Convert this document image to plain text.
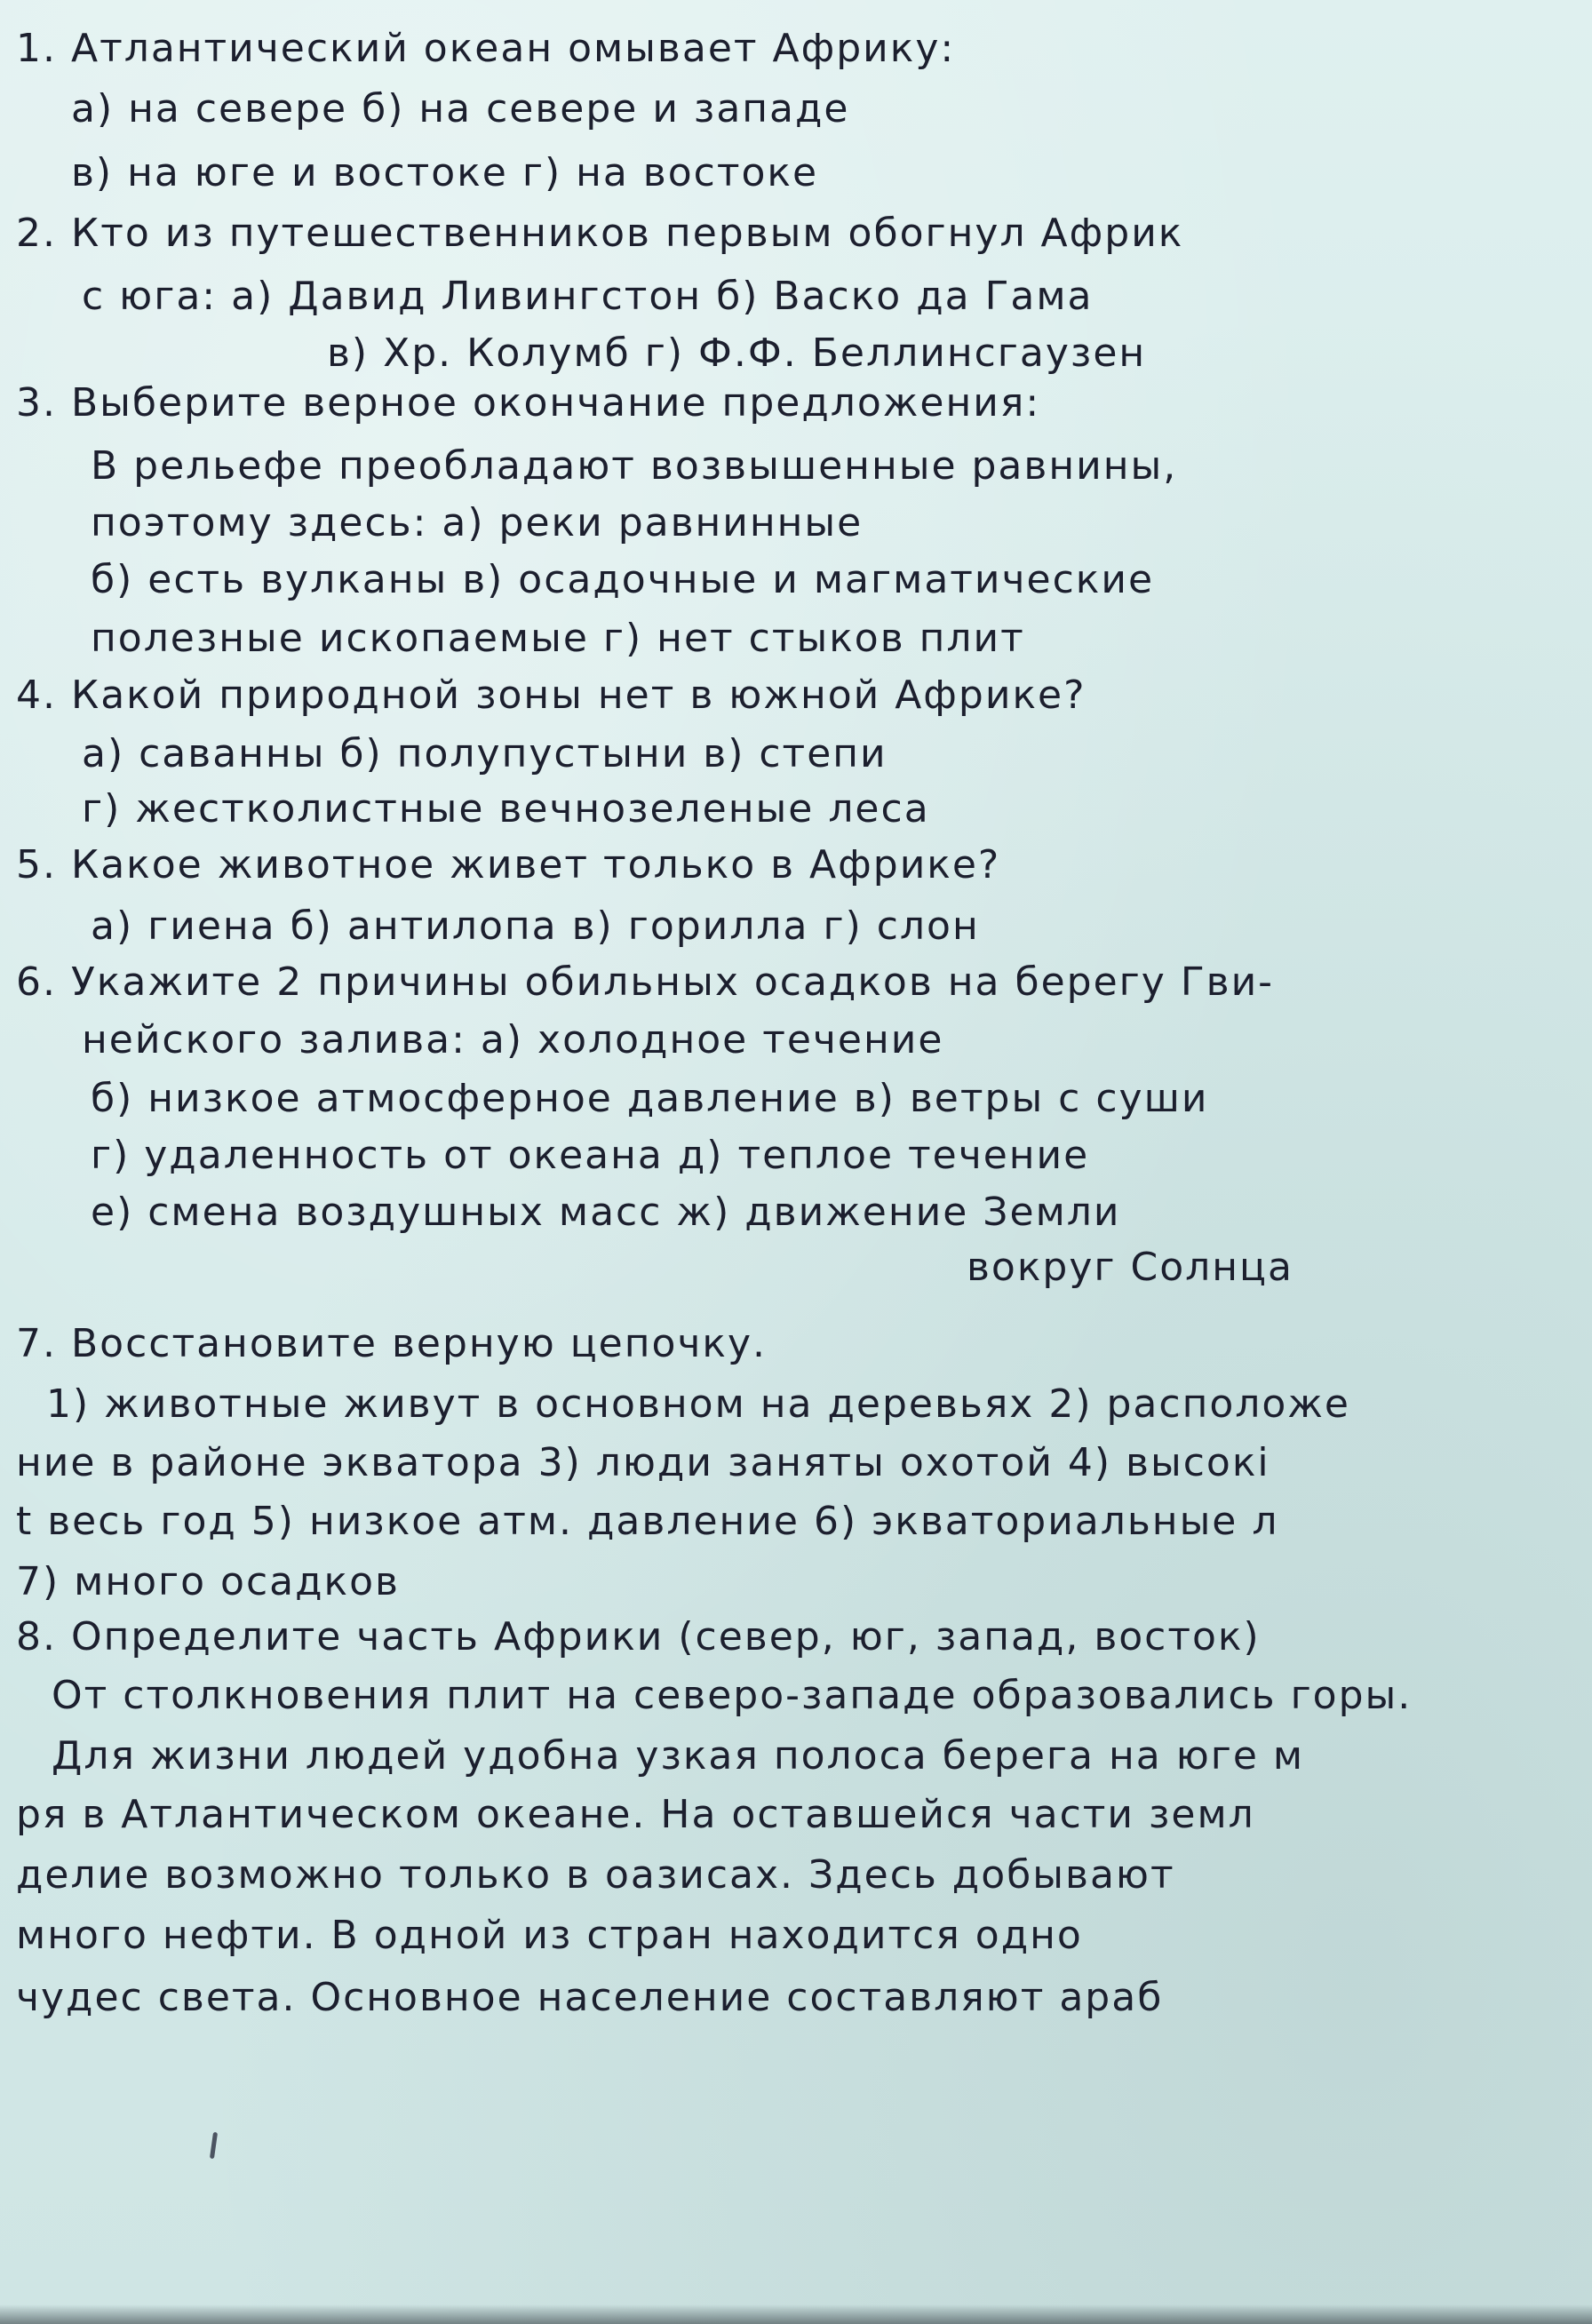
1. Атлантический океан омывает Африку:
а) на севере б) на севере и западе
в) на юге и востоке г) на востоке
2. Кто из путешественников первым обогнул Африк
с юга: а) Давид Ливингстон б) Васко да Гама
в) Хр. Колумб г) Ф.Ф. Беллинсгаузен
3. Выберите верное окончание предложения:
В рельефе преобладают возвышенные равнины,
поэтому здесь: а) реки равнинные
б) есть вулканы в) осадочные и магматические
полезные ископаемые г) нет стыков плит
4. Какой природной зоны нет в южной Африке?
а) саванны б) полупустыни в) степи
г) жестколистные вечнозеленые леса
5. Какое животное живет только в Африке?
а) гиена б) антилопа в) горилла г) слон
6. Укажите 2 причины обильных осадков на берегу Гви-
нейского залива: а) холодное течение
б) низкое атмосферное давление в) ветры с суши
г) удаленность от океана д) теплое течение
е) смена воздушных масс ж) движение Земли
вокруг Солнца
7. Восстановите верную цепочку.
1) животные живут в основном на деревьях 2) расположе
ние в районе экватора 3) люди заняты охотой 4) высокі
t весь год 5) низкое атм. давление 6) экваториальные л
7) много осадков
8. Определите часть Африки (север, юг, запад, восток)
От столкновения плит на северо-западе образовались горы.
Для жизни людей удобна узкая полоса берега на юге м
ря в Атлантическом океане. На оставшейся части земл
делие возможно только в оазисах. Здесь добывают
много нефти. В одной из стран находится одно
чудес света. Основное население составляют араб
